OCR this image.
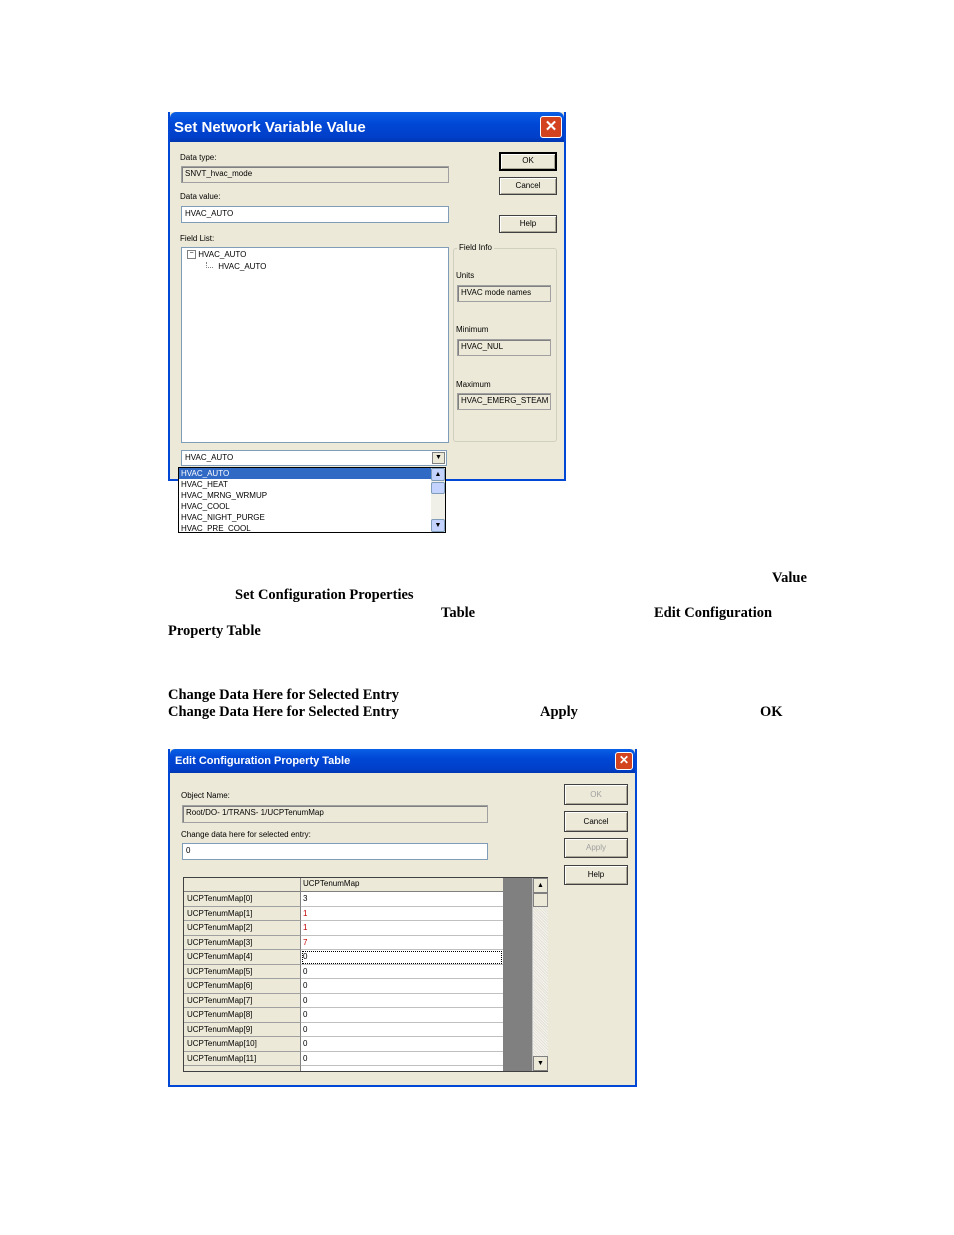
Set Network Variable Value	✕
Data type:
SNVT_hvac_mode
Data value:
HVAC_AUTO
Field List:
− HVAC_AUTO
HVAC_AUTO
OK
Cancel
Help
Field Info
Units
HVAC mode names
Minimum
HVAC_NUL
Maximum
HVAC_EMERG_STEAM
HVAC_AUTO	▼
HVAC_AUTO
HVAC_HEAT
HVAC_MRNG_WRMUP
HVAC_COOL
HVAC_NIGHT_PURGE
HVAC_PRE_COOL
▲
▼
Value
Set Configuration Properties
Table	Edit Configuration
Property Table
Change Data Here for Selected Entry
Change Data Here for Selected Entry	Apply	OK
Edit Configuration Property Table	✕
Object Name:
Root/DO- 1/TRANS- 1/UCPTenumMap
Change data here for selected entry:
0
OK
Cancel
Apply
Help
UCPTenumMap
UCPTenumMap[0]	3
UCPTenumMap[1]	1
UCPTenumMap[2]	1
UCPTenumMap[3]	7
UCPTenumMap[4]	0
UCPTenumMap[5]	0
UCPTenumMap[6]	0
UCPTenumMap[7]	0
UCPTenumMap[8]	0
UCPTenumMap[9]	0
UCPTenumMap[10]	0
UCPTenumMap[11]	0
▲
▼
